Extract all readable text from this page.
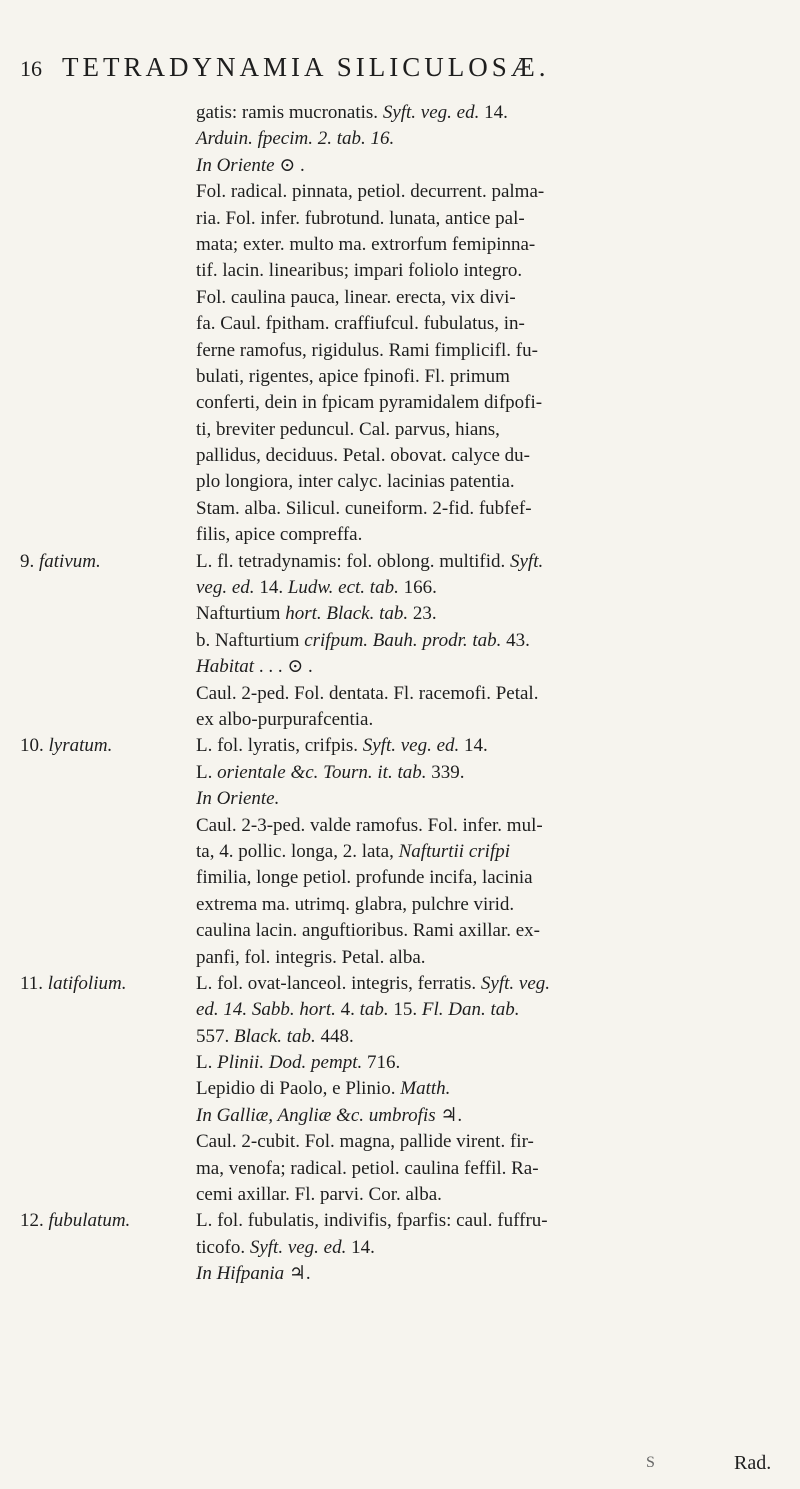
16 TETRADYNAMIA SILICULOSÆ.
gatis: ramis mucronatis. Syft. veg. ed. 14.
Arduin. fpecim. 2. tab. 16.
In Oriente ⊙ .
Fol. radical. pinnata, petiol. decurrent. palma-
ria. Fol. infer. fubrotund. lunata, antice pal-
mata; exter. multo ma. extrorfum femipinna-
tif. lacin. linearibus; impari foliolo integro.
Fol. caulina pauca, linear. erecta, vix divi-
fa. Caul. fpitham. craffiufcul. fubulatus, in-
ferne ramofus, rigidulus. Rami fimplicifl. fu-
bulati, rigentes, apice fpinofi. Fl. primum
conferti, dein in fpicam pyramidalem difpofi-
ti, breviter peduncul. Cal. parvus, hians,
pallidus, deciduus. Petal. obovat. calyce du-
plo longiora, inter calyc. lacinias patentia.
Stam. alba. Silicul. cuneiform. 2-fid. fubfef-
filis, apice compreffa.
9. fativum.	L. fl. tetradynamis: fol. oblong. multifid. Syft.
veg. ed. 14. Ludw. ect. tab. 166.
Nafturtium hort. Black. tab. 23.
b. Nafturtium crifpum. Bauh. prodr. tab. 43.
Habitat . . . ⊙ .
Caul. 2-ped. Fol. dentata. Fl. racemofi. Petal.
ex albo-purpurafcentia.
10. lyratum.	L. fol. lyratis, crifpis. Syft. veg. ed. 14.
L. orientale &c. Tourn. it. tab. 339.
In Oriente.
Caul. 2-3-ped. valde ramofus. Fol. infer. mul-
ta, 4. pollic. longa, 2. lata, Nafturtii crifpi
fimilia, longe petiol. profunde incifa, lacinia
extrema ma. utrimq. glabra, pulchre virid.
caulina lacin. anguftioribus. Rami axillar. ex-
panfi, fol. integris. Petal. alba.
11. latifolium.	L. fol. ovat-lanceol. integris, ferratis. Syft. veg.
ed. 14. Sabb. hort. 4. tab. 15. Fl. Dan. tab.
557. Black. tab. 448.
L. Plinii. Dod. pempt. 716.
Lepidio di Paolo, e Plinio. Matth.
In Galliæ, Angliæ &c. umbrofis ♃.
Caul. 2-cubit. Fol. magna, pallide virent. fir-
ma, venofa; radical. petiol. caulina feffil. Ra-
cemi axillar. Fl. parvi. Cor. alba.
12. fubulatum.	L. fol. fubulatis, indivifis, fparfis: caul. fuffru-
ticofo. Syft. veg. ed. 14.
In Hifpania ♃.
S	Rad.
